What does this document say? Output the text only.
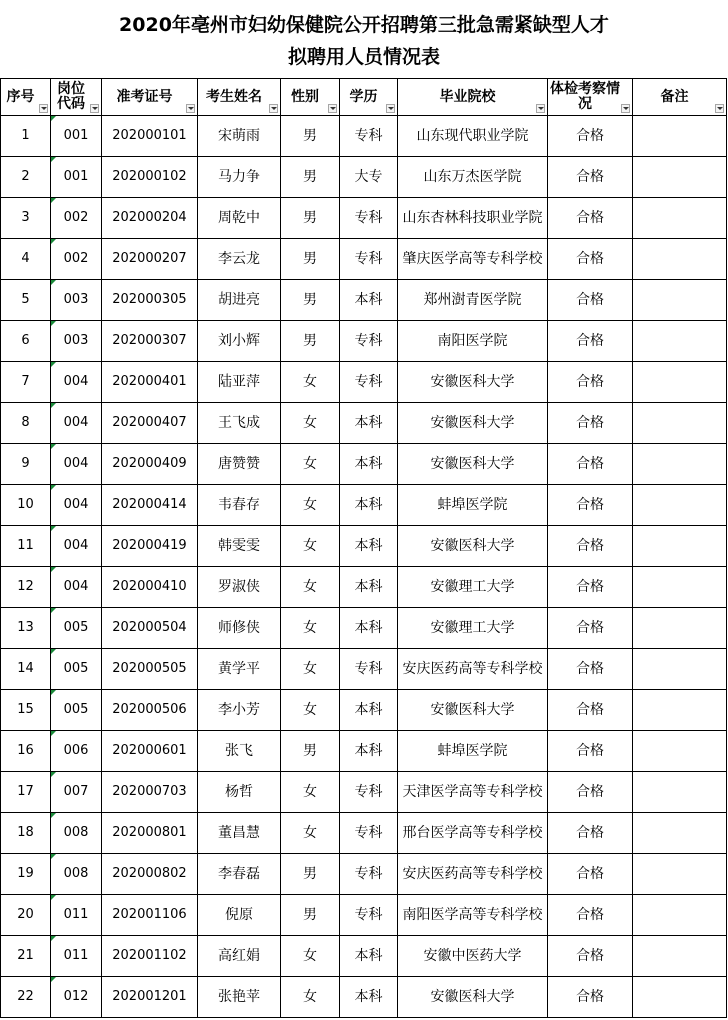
2020年亳州市妇幼保健院公开招聘第三批急需紧缺型人才
拟聘用人员情况表
序号	岗位代码	准考证号	考生姓名	性别	学历	毕业院校	体检考察情况	备注

1	001	202000101	宋萌雨	男	专科	山东现代职业学院	合格	
2	001	202000102	马力争	男	大专	山东万杰医学院	合格	
3	002	202000204	周乾中	男	专科	山东杏林科技职业学院	合格	
4	002	202000207	李云龙	男	专科	肇庆医学高等专科学校	合格	
5	003	202000305	胡进亮	男	本科	郑州澍青医学院	合格	
6	003	202000307	刘小辉	男	专科	南阳医学院	合格	
7	004	202000401	陆亚萍	女	专科	安徽医科大学	合格	
8	004	202000407	王飞成	女	本科	安徽医科大学	合格	
9	004	202000409	唐赞赞	女	本科	安徽医科大学	合格	
10	004	202000414	韦春存	女	本科	蚌埠医学院	合格	
11	004	202000419	韩雯雯	女	本科	安徽医科大学	合格	
12	004	202000410	罗淑侠	女	本科	安徽理工大学	合格	
13	005	202000504	师修侠	女	本科	安徽理工大学	合格	
14	005	202000505	黄学平	女	专科	安庆医药高等专科学校	合格	
15	005	202000506	李小芳	女	本科	安徽医科大学	合格	
16	006	202000601	张飞	男	本科	蚌埠医学院	合格	
17	007	202000703	杨哲	女	专科	天津医学高等专科学校	合格	
18	008	202000801	董昌慧	女	专科	邢台医学高等专科学校	合格	
19	008	202000802	李春磊	男	专科	安庆医药高等专科学校	合格	
20	011	202001106	倪原	男	专科	南阳医学高等专科学校	合格	
21	011	202001102	高红娟	女	本科	安徽中医药大学	合格	
22	012	202001201	张艳苹	女	本科	安徽医科大学	合格	
